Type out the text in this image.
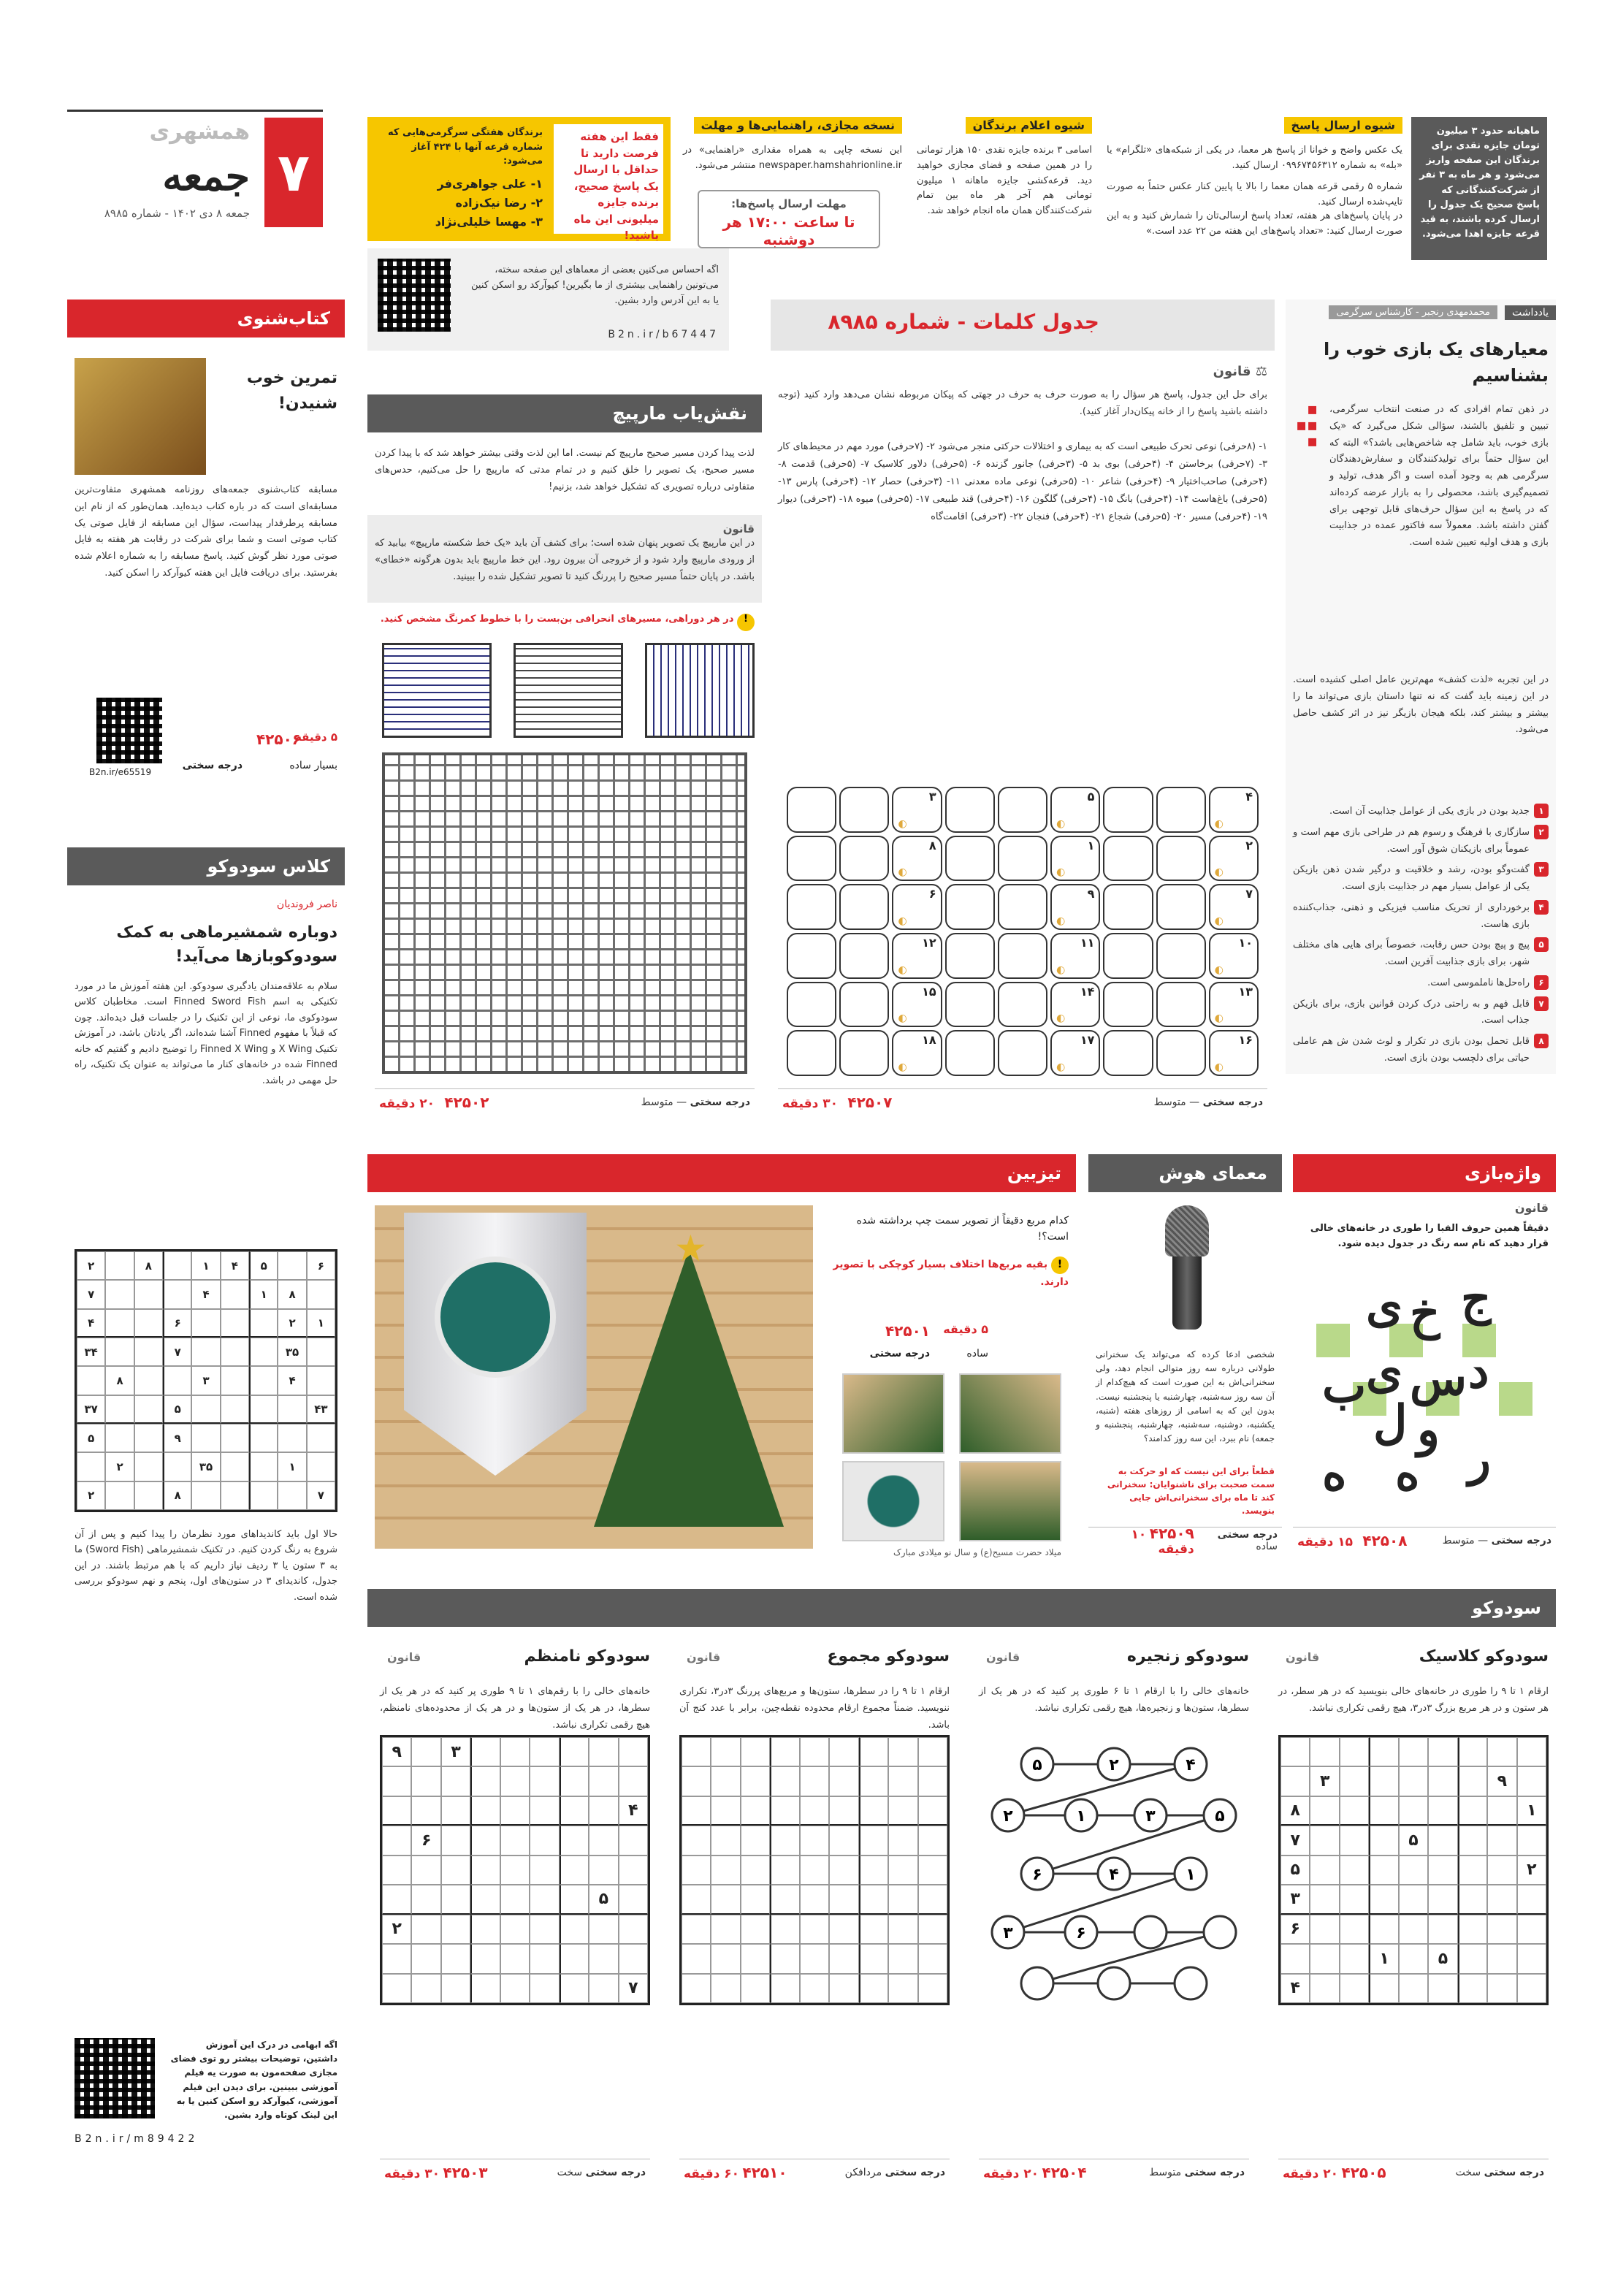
۷
همشهری
جمعه
جمعه ۸ دی ۱۴۰۲ - شماره ۸۹۸۵
ماهیانه حدود ۳ میلیون تومان جایزه نقدی برای برندگان این صفحه واریز می‌شود و هر ماه به ۳ نفر از شرکت‌کنندگانی که پاسخ صحیح یک جدول را ارسال کرده باشند، به قید قرعه جایزه اهدا می‌شود.
شیوه ارسال پاسخ
یک عکس واضح و خوانا از پاسخ هر معما، در یکی از شبکه‌های «تلگرام» یا «بله» به شماره ۰۹۹۶۷۴۵۶۳۱۲ ارسال کنید.
شماره ۵ رقمی قرعه همان معما را بالا یا پایین کنار عکس حتماً به صورت تایپ‌شده ارسال کنید.
در پایان پاسخ‌های هر هفته، تعداد پاسخ ارسالی‌تان را شمارش کنید و به این صورت ارسال کنید: «تعداد پاسخ‌های این هفته من ۲۲ عدد است.»
شیوه اعلام برندگان
اسامی ۳ برنده جایزه نقدی ۱۵۰ هزار تومانی را در همین صفحه و فضای مجازی خواهید دید. قرعه‌کشی جایزه ماهانه ۱ میلیون تومانی هم آخر هر ماه بین تمام شرکت‌کنندگان همان ماه انجام خواهد شد.
نسخه مجازی، راهنمایی‌ها و مهلت
این نسخه چاپی به همراه مقداری «راهنمایی» در newspaper.hamshahrionline.ir منتشر می‌شود.
مهلت ارسال پاسخ‌ها:
تا ساعت ۱۷:۰۰ هر دوشنبه
فقط این هفته فرصت دارید تا حداقل با ارسال یک پاسخ صحیح، برنده جایزه میلیونی این ماه باشید!
برندگان هفتگی سرگرمی‌هایی که شماره قرعه آنها با ۴۲۴ آغاز می‌شود:
۱- علی جواهری‌فر
۲- رضا نیک‌زاده
۳- مهسا خلیلی‌نژاد
اگه احساس می‌کنین بعضی از معماهای این صفحه سخته، می‌تونین راهنمایی بیشتری از ما بگیرین! کیوآرکد رو اسکن کنین یا به این آدرس وارد بشین.
B2n.ir/b67447
یادداشت
محمدمهدی رنجبر - کارشناس سرگرمی
معیارهای یک بازی خوب را بشناسیم
▪
▪▪
▪
در ذهن تمام افرادی که در صنعت انتخاب سرگرمی، تبیین و تلفیق بالشند، سؤالی شکل می‌گیرد که «یک بازی خوب، باید شامل چه شاخص‌هایی باشد؟» البته که این سؤال حتماً برای تولیدکنندگان و سفارش‌دهندگان سرگرمی هم به وجود آمده است و اگر هدف، تولید و تصمیم‌گیری باشد، محصولی را به بازار عرضه کرده‌اند که در پاسخ به این سؤال حرف‌های قابل توجهی برای گفتن داشته باشد. معمولاً سه فاکتور عمده در جذابیت بازی و هدف اولیه تعیین شده است.
در این تجربه «لذت کشف» مهم‌ترین عامل اصلی کشیده است. در این زمینه باید گفت که نه تنها داستان بازی می‌تواند ما را بیشتر و بیشتر کند، بلکه هیجان بازیگر نیز در اثر کشف حاصل می‌شود.
۱
جدید بودن در بازی یکی از عوامل جذابیت آن است.
۲
سازگاری با فرهنگ و رسوم هم در طراحی بازی مهم است و عموماً برای بازیکنان شوق آور است.
۳
گفت‌وگو بودن، رشد و خلاقیت و درگیر شدن ذهن بازیکن یکی از عوامل بسیار مهم در جذابیت بازی است.
۴
برخورداری از تحریک مناسب فیزیکی و ذهنی، جذاب‌کننده بازی هاست.
۵
پیچ و پیچ بودن حس رقابت، خصوصاً برای هایی های مختلف شهر، برای بازی جذابیت آفرین است.
۶
راه‌حل‌ها ناملموسی است.
۷
قابل فهم و به راحتی درک کردن قوانین بازی، برای بازیکن جذاب است.
۸
قابل تحمل بودن بازی در تکرار و لوث شدن ش هم عاملی حیاتی برای دلچسب بودن بازی است.
جدول کلمات - شماره ۸۹۸۵
⚖ قانون
برای حل این جدول، پاسخ هر سؤال را به صورت حرف به حرف در جهتی که پیکان مربوطه نشان می‌دهد وارد کنید (توجه داشته باشید پاسخ را از خانه پیکان‌دار آغاز کنید).
۱- (۸حرفی) نوعی تحرک طبیعی است که به بیماری و اختلالات حرکتی منجر می‌شود ۲- (۷حرفی) مورد مهم در محیط‌های کار ۳- (۷حرفی) برخاستن ۴- (۴حرفی) بوی بد ۵- (۳حرفی) جانور گزنده ۶- (۵حرفی) دلاور کلاسیک ۷- (۵حرفی) قدمت ۸- (۴حرفی) صاحب‌اختیار ۹- (۴حرفی) شاعر ۱۰- (۵حرفی) نوعی ماده معدنی ۱۱- (۳حرفی) حصار ۱۲- (۴حرفی) پارس ۱۳- (۵حرفی) باغ‌هاست ۱۴- (۴حرفی) بانگ ۱۵- (۴حرفی) گلگون ۱۶- (۴حرفی) قند طبیعی ۱۷- (۵حرفی) میوه ۱۸- (۳حرفی) دیوار ۱۹- (۴حرفی) مسیر ۲۰- (۵حرفی) شجاع ۲۱- (۴حرفی) فنجان ۲۲- (۳حرفی) اقامت‌گاه
۴
◐
۵
◐
۳
◐
۲
◐
۱
◐
۸
◐
۷
◐
۹
◐
۶
◐
۱۰
◐
۱۱
◐
۱۲
◐
۱۳
◐
۱۴
◐
۱۵
◐
۱۶
◐
۱۷
◐
۱۸
◐
درجه سختی — متوسط
۴۲۵۰۷   ۳۰ دقیقه
نقش‌یاب مارپیچ
لذت پیدا کردن مسیر صحیح مارپیچ کم نیست. اما این لذت وقتی بیشتر خواهد شد که با پیدا کردن مسیر صحیح، یک تصویر را خلق کنیم و در تمام مدتی که مارپیچ را حل می‌کنیم، حدس‌های متفاوتی درباره تصویری که تشکیل خواهد شد، بزنیم!
قانون
در این مارپیچ یک تصویر پنهان شده است؛ برای کشف آن باید «یک خط شکسته مارپیچ» بیابید که از ورودی مارپیچ وارد شود و از خروجی آن بیرون رود. این خط مارپیچ باید بدون هرگونه «خطای» باشد. در پایان حتماً مسیر صحیح را پررنگ کنید تا تصویر تشکیل شده را ببینید.
! در هر دوراهی، مسیرهای انحرافی بن‌بست را با خطوط کمرنگ مشخص کنید.
درجه سختی — متوسط
۴۲۵۰۲   ۲۰ دقیقه
کتاب‌شنوی
تمرین خوب شنیدن!
مسابقه کتاب‌شنوی جمعه‌های روزنامه همشهری متفاوت‌ترین مسابقه‌ای است که در باره کتاب دیده‌اید. همان‌طور که از نام این مسابقه پرطرفدار پیداست، سؤال این مسابقه از فایل صوتی یک کتاب صوتی است و شما برای شرکت در رقابت هر هفته به فایل صوتی مورد نظر گوش کنید. پاسخ مسابقه را به شماره اعلام شده بفرستید. برای دریافت فایل این هفته کیوآرکد را اسکن کنید.
B2n.ir/e65519
۴۲۵۰۶
۵ دقیقه
درجه سختی	بسیار ساده
کلاس سودوکو
ناصر فروندیان
دوباره شمشیرماهی به کمک سودوکوبازها می‌آید!
سلام به علاقه‌مندان یادگیری سودوکو. این هفته آموزش ما در مورد تکنیکی به اسم Finned Sword Fish است. مخاطبان کلاس سودوکوی ما، نوعی از این تکنیک را در جلسات قبل دیده‌اند. چون که قبلاً با مفهوم Finned آشنا شده‌اند، اگر یادتان باشد، در آموزش تکنیک X Wing و Finned X Wing را توضیح دادیم و گفتیم که خانه Finned شده در خانه‌های کنار ما می‌تواند به عنوان یک تکنیک، راه حل مهمی در باشد.
۶
۵
۴
۱
۸
۲
۸
۱
۴
۷
۱
۲
۶
۴
۳۵
۷
۳۴
۴
۳
۸
۴۳
۵
۳۷
۹
۵
۱
۳۵
۲
۷
۸
۲
حالا اول باید کاندیداهای مورد نظرمان را پیدا کنیم و پس از آن شروع به رنگ کردن کنیم. در تکنیک شمشیرماهی (Sword Fish) ما به ۳ ستون یا ۳ ردیف نیاز داریم که با هم مرتبط باشند. در این جدول، کاندیدای ۳ در ستون‌های اول، پنجم و نهم سودوکو بررسی شده است.
اگه ابهامی در درک این آموزش داشتین، توضیحات بیشتر رو توی فضای مجازی صفحه‌مون به صورت یه فیلم آموزشی ببینین. برای دیدن این فیلم آموزشی، کیوآرکد رو اسکن کنین یا به این لینک کوتاه وارد بشین.
B2n.ir/m89422
واژه‌بازی
قانون
دقیقاً همین حروف الفبا را طوری در خانه‌های خالی قرار دهید که نام سه رنگ در جدول دیده شود.
ج
خ
ی
د
س
ی
ب
و
ل
ر
ه
ه
درجه سختی — متوسط
۴۲۵۰۸   ۱۵ دقیقه
معمای هوش
شخصی ادعا کرده که می‌تواند یک سخنرانی طولانی درباره سه روز متوالی انجام دهد، ولی سخنرانی‌اش به این صورت است که هیچ‌کدام از آن سه روز سه‌شنبه، چهارشنبه یا پنجشنبه نیست. بدون این که به اسامی از روزهای هفته (شنبه، یکشنبه، دوشنبه، سه‌شنبه، چهارشنبه، پنجشنبه و جمعه) نام ببرد، این سه روز کدامند؟
قطعاً برای این نیست که او حرکت به سمت صحبت برای ناشنوایان: سخنرانی کند تا ماه برای سخنرانی‌اش جایی بنویسد.
درجه سختی ساده
۴۲۵۰۹ ۱۰ دقیقه
تیزبین
★
کدام مربع دقیقاً از تصویر سمت چپ برداشته شده است؟!
! بقیه مربع‌ها اختلاف بسیار کوچکی با تصویر دارند.
۴۲۵۰۱ ۵ دقیقه
درجه سختی	ساده
میلاد حضرت مسیح(ع) و سال نو میلادی مبارک
سودوکو
سودوکو کلاسیک
قانون
ارقام ۱ تا ۹ را طوری در خانه‌های خالی بنویسید که در هر سطر، در هر ستون و در هر مربع بزرگ ۳در۳، هیچ رقمی تکراری نباشد.
۹
۳
۱
۸
۵
۷
۲
۵
۳
۶
۵
۱
۴
درجه سختی سخت
۴۲۵۰۵ ۲۰ دقیقه
سودوکو زنجیره
قانون
خانه‌های خالی را با ارقام ۱ تا ۶ طوری پر کنید که در هر یک از سطرها، ستون‌ها و زنجیره‌ها، هیچ رقمی تکراری نباشد.
۵	۲	۴
۲	۱	۳	۵
۶	۴	۱
۳	۶
درجه سختی متوسط
۴۲۵۰۴ ۲۰ دقیقه
سودوکو مجموع
قانون
ارقام ۱ تا ۹ را در سطرها، ستون‌ها و مربع‌های پررنگ ۳در۳، تکراری ننویسید. ضمناً مجموع ارقام محدوده نقطه‌چین، برابر با عدد کنج آن باشد.
درجه سختی مردافکن
۴۲۵۱۰ ۶۰ دقیقه
سودوکو نامنظم
قانون
خانه‌های خالی را با رقم‌های ۱ تا ۹ طوری پر کنید که در هر یک از سطرها، در هر یک از ستون‌ها و در هر یک از محدوده‌های نامنظم، هیچ رقمی تکراری نباشد.
۳
۹
۴
۶
۵
۲
۷
درجه سختی سخت
۴۲۵۰۳ ۳۰ دقیقه
